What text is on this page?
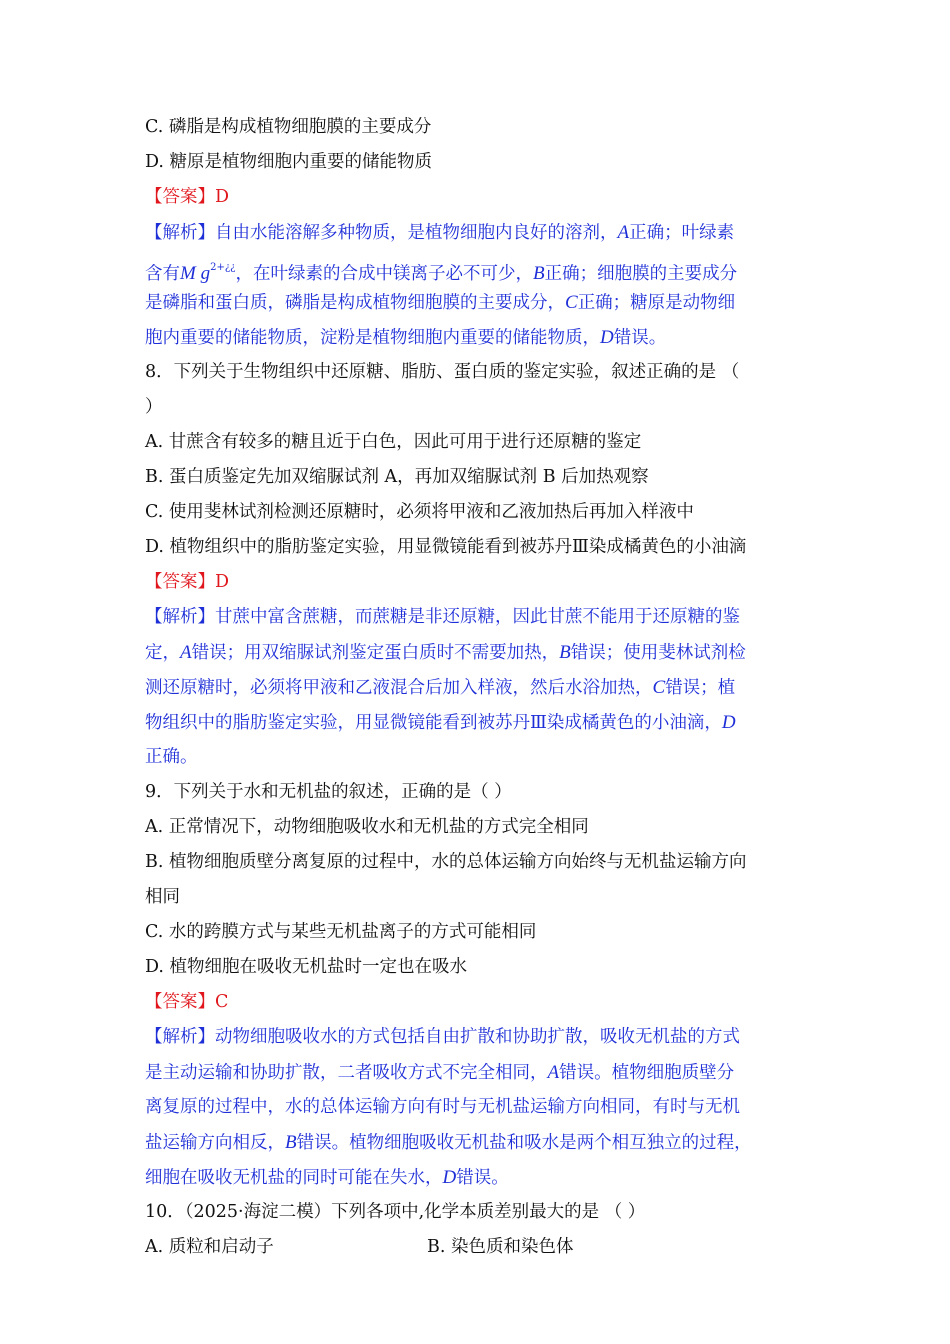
C. 磷脂是构成植物细胞膜的主要成分
D. 糖原是植物细胞内重要的储能物质
【答案】D
【解析】自由水能溶解多种物质，是植物细胞内良好的溶剂，A正确；叶绿素
含有M $g^{2+¿¿}$，在叶绿素的合成中镁离子必不可少，B正确；细胞膜的主要成分
是磷脂和蛋白质，磷脂是构成植物细胞膜的主要成分，C正确；糖原是动物细
胞内重要的储能物质，淀粉是植物细胞内重要的储能物质，D错误。
8．下列关于生物组织中还原糖、脂肪、蛋白质的鉴定实验，叙述正确的是 （
）
A. 甘蔗含有较多的糖且近于白色，因此可用于进行还原糖的鉴定
B. 蛋白质鉴定先加双缩脲试剂 A，再加双缩脲试剂 B 后加热观察
C. 使用斐林试剂检测还原糖时，必须将甲液和乙液加热后再加入样液中
D. 植物组织中的脂肪鉴定实验，用显微镜能看到被苏丹Ⅲ染成橘黄色的小油滴
【答案】D
【解析】甘蔗中富含蔗糖，而蔗糖是非还原糖，因此甘蔗不能用于还原糖的鉴
定，A错误；用双缩脲试剂鉴定蛋白质时不需要加热，B错误；使用斐林试剂检
测还原糖时，必须将甲液和乙液混合后加入样液，然后水浴加热，C错误；植
物组织中的脂肪鉴定实验，用显微镜能看到被苏丹Ⅲ染成橘黄色的小油滴，D
正确。
9．下列关于水和无机盐的叙述，正确的是（ ）
A. 正常情况下，动物细胞吸收水和无机盐的方式完全相同
B. 植物细胞质壁分离复原的过程中，水的总体运输方向始终与无机盐运输方向
相同
C. 水的跨膜方式与某些无机盐离子的方式可能相同
D. 植物细胞在吸收无机盐时一定也在吸水
【答案】C
【解析】动物细胞吸收水的方式包括自由扩散和协助扩散，吸收无机盐的方式
是主动运输和协助扩散，二者吸收方式不完全相同，A错误。植物细胞质壁分
离复原的过程中，水的总体运输方向有时与无机盐运输方向相同，有时与无机
盐运输方向相反，B错误。植物细胞吸收无机盐和吸水是两个相互独立的过程，
细胞在吸收无机盐的同时可能在失水，D错误。
10．（2025·海淀二模）下列各项中,化学本质差别最大的是 （ ）
A. 质粒和启动子	B. 染色质和染色体
